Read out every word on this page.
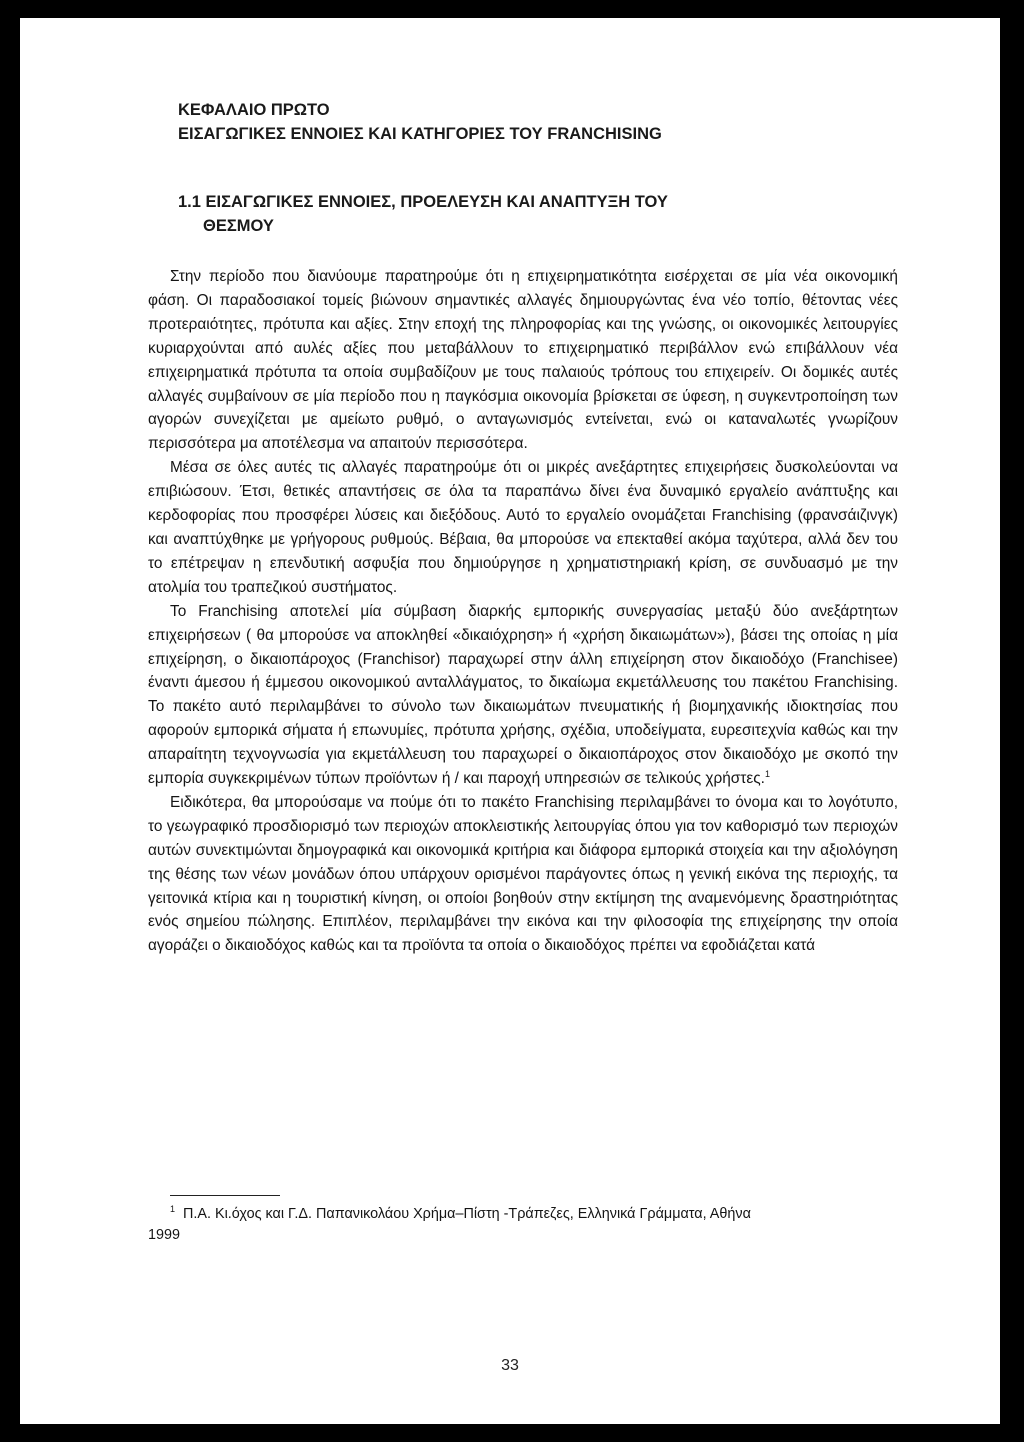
ΚΕΦΑΛΑΙΟ ΠΡΩΤΟ
ΕΙΣΑΓΩΓΙΚΕΣ ΕΝΝΟΙΕΣ ΚΑΙ ΚΑΤΗΓΟΡΙΕΣ ΤΟΥ FRANCHISING
1.1 ΕΙΣΑΓΩΓΙΚΕΣ ΕΝΝΟΙΕΣ, ΠΡΟΕΛΕΥΣΗ ΚΑΙ ΑΝΑΠΤΥΞΗ ΤΟΥ
ΘΕΣΜΟΥ

Στην περίοδο που διανύουμε παρατηρούμε ότι η επιχειρηματικότητα εισέρχεται σε μία νέα οικονομική φάση. Οι παραδοσιακοί τομείς βιώνουν σημαντικές αλλαγές δημιουργώντας ένα νέο τοπίο, θέτοντας νέες προτεραιότητες, πρότυπα και αξίες. Στην εποχή της πληροφορίας και της γνώσης, οι οικονομικές λειτουργίες κυριαρχούνται από αυλές αξίες που μεταβάλλουν το επιχειρηματικό περιβάλλον ενώ επιβάλλουν νέα επιχειρηματικά πρότυπα τα οποία συμβαδίζουν με τους παλαιούς τρόπους του επιχειρείν. Οι δομικές αυτές αλλαγές συμβαίνουν σε μία περίοδο που η παγκόσμια οικονομία βρίσκεται σε ύφεση, η συγκεντροποίηση των αγορών συνεχίζεται με αμείωτο ρυθμό, ο ανταγωνισμός εντείνεται, ενώ οι καταναλωτές γνωρίζουν περισσότερα μα αποτέλεσμα να απαιτούν περισσότερα.

Μέσα σε όλες αυτές τις αλλαγές παρατηρούμε ότι οι μικρές ανεξάρτητες επιχειρήσεις δυσκολεύονται να επιβιώσουν. Έτσι, θετικές απαντήσεις σε όλα τα παραπάνω δίνει ένα δυναμικό εργαλείο ανάπτυξης και κερδοφορίας που προσφέρει λύσεις και διεξόδους. Αυτό το εργαλείο ονομάζεται Franchising (φρανσάιζινγκ) και αναπτύχθηκε με γρήγορους ρυθμούς. Βέβαια, θα μπορούσε να επεκταθεί ακόμα ταχύτερα, αλλά δεν του το επέτρεψαν η επενδυτική ασφυξία που δημιούργησε η χρηματιστηριακή κρίση, σε συνδυασμό με την ατολμία του τραπεζικού συστήματος.

Το Franchising αποτελεί μία σύμβαση διαρκής εμπορικής συνεργασίας μεταξύ δύο ανεξάρτητων επιχειρήσεων ( θα μπορούσε να αποκληθεί «δικαιόχρηση» ή «χρήση δικαιωμάτων»), βάσει της οποίας η μία επιχείρηση, ο δικαιοπάροχος (Franchisor) παραχωρεί στην άλλη επιχείρηση στον δικαιοδόχο (Franchisee) έναντι άμεσου ή έμμεσου οικονομικού ανταλλάγματος, το δικαίωμα εκμετάλλευσης του πακέτου Franchising. Το πακέτο αυτό περιλαμβάνει το σύνολο των δικαιωμάτων πνευματικής ή βιομηχανικής ιδιοκτησίας που αφορούν εμπορικά σήματα ή επωνυμίες, πρότυπα χρήσης, σχέδια, υποδείγματα, ευρεσιτεχνία καθώς και την απαραίτητη τεχνογνωσία για εκμετάλλευση του παραχωρεί ο δικαιοπάροχος στον δικαιοδόχο με σκοπό την εμπορία συγκεκριμένων τύπων προϊόντων ή / και παροχή υπηρεσιών σε τελικούς χρήστες.$^1$

Ειδικότερα, θα μπορούσαμε να πούμε ότι το πακέτο Franchising περιλαμβάνει το όνομα και το λογότυπο, το γεωγραφικό προσδιορισμό των περιοχών αποκλειστικής λειτουργίας όπου για τον καθορισμό των περιοχών αυτών συνεκτιμώνται δημογραφικά και οικονομικά κριτήρια και διάφορα εμπορικά στοιχεία και την αξιολόγηση της θέσης των νέων μονάδων όπου υπάρχουν ορισμένοι παράγοντες όπως η γενική εικόνα της περιοχής, τα γειτονικά κτίρια και η τουριστική κίνηση, οι οποίοι βοηθούν στην εκτίμηση της αναμενόμενης δραστηριότητας ενός σημείου πώλησης. Επιπλέον, περιλαμβάνει την εικόνα και την φιλοσοφία της επιχείρησης την οποία αγοράζει ο δικαιοδόχος καθώς και τα προϊόντα τα οποία ο δικαιοδόχος πρέπει να εφοδιάζεται κατά

$^1$ Π.Α. Κι.όχος και Γ.Δ. Παπανικολάου Χρήμα–Πίστη -Τράπεζες, Ελληνικά Γράμματα, Αθήνα

1999

33
